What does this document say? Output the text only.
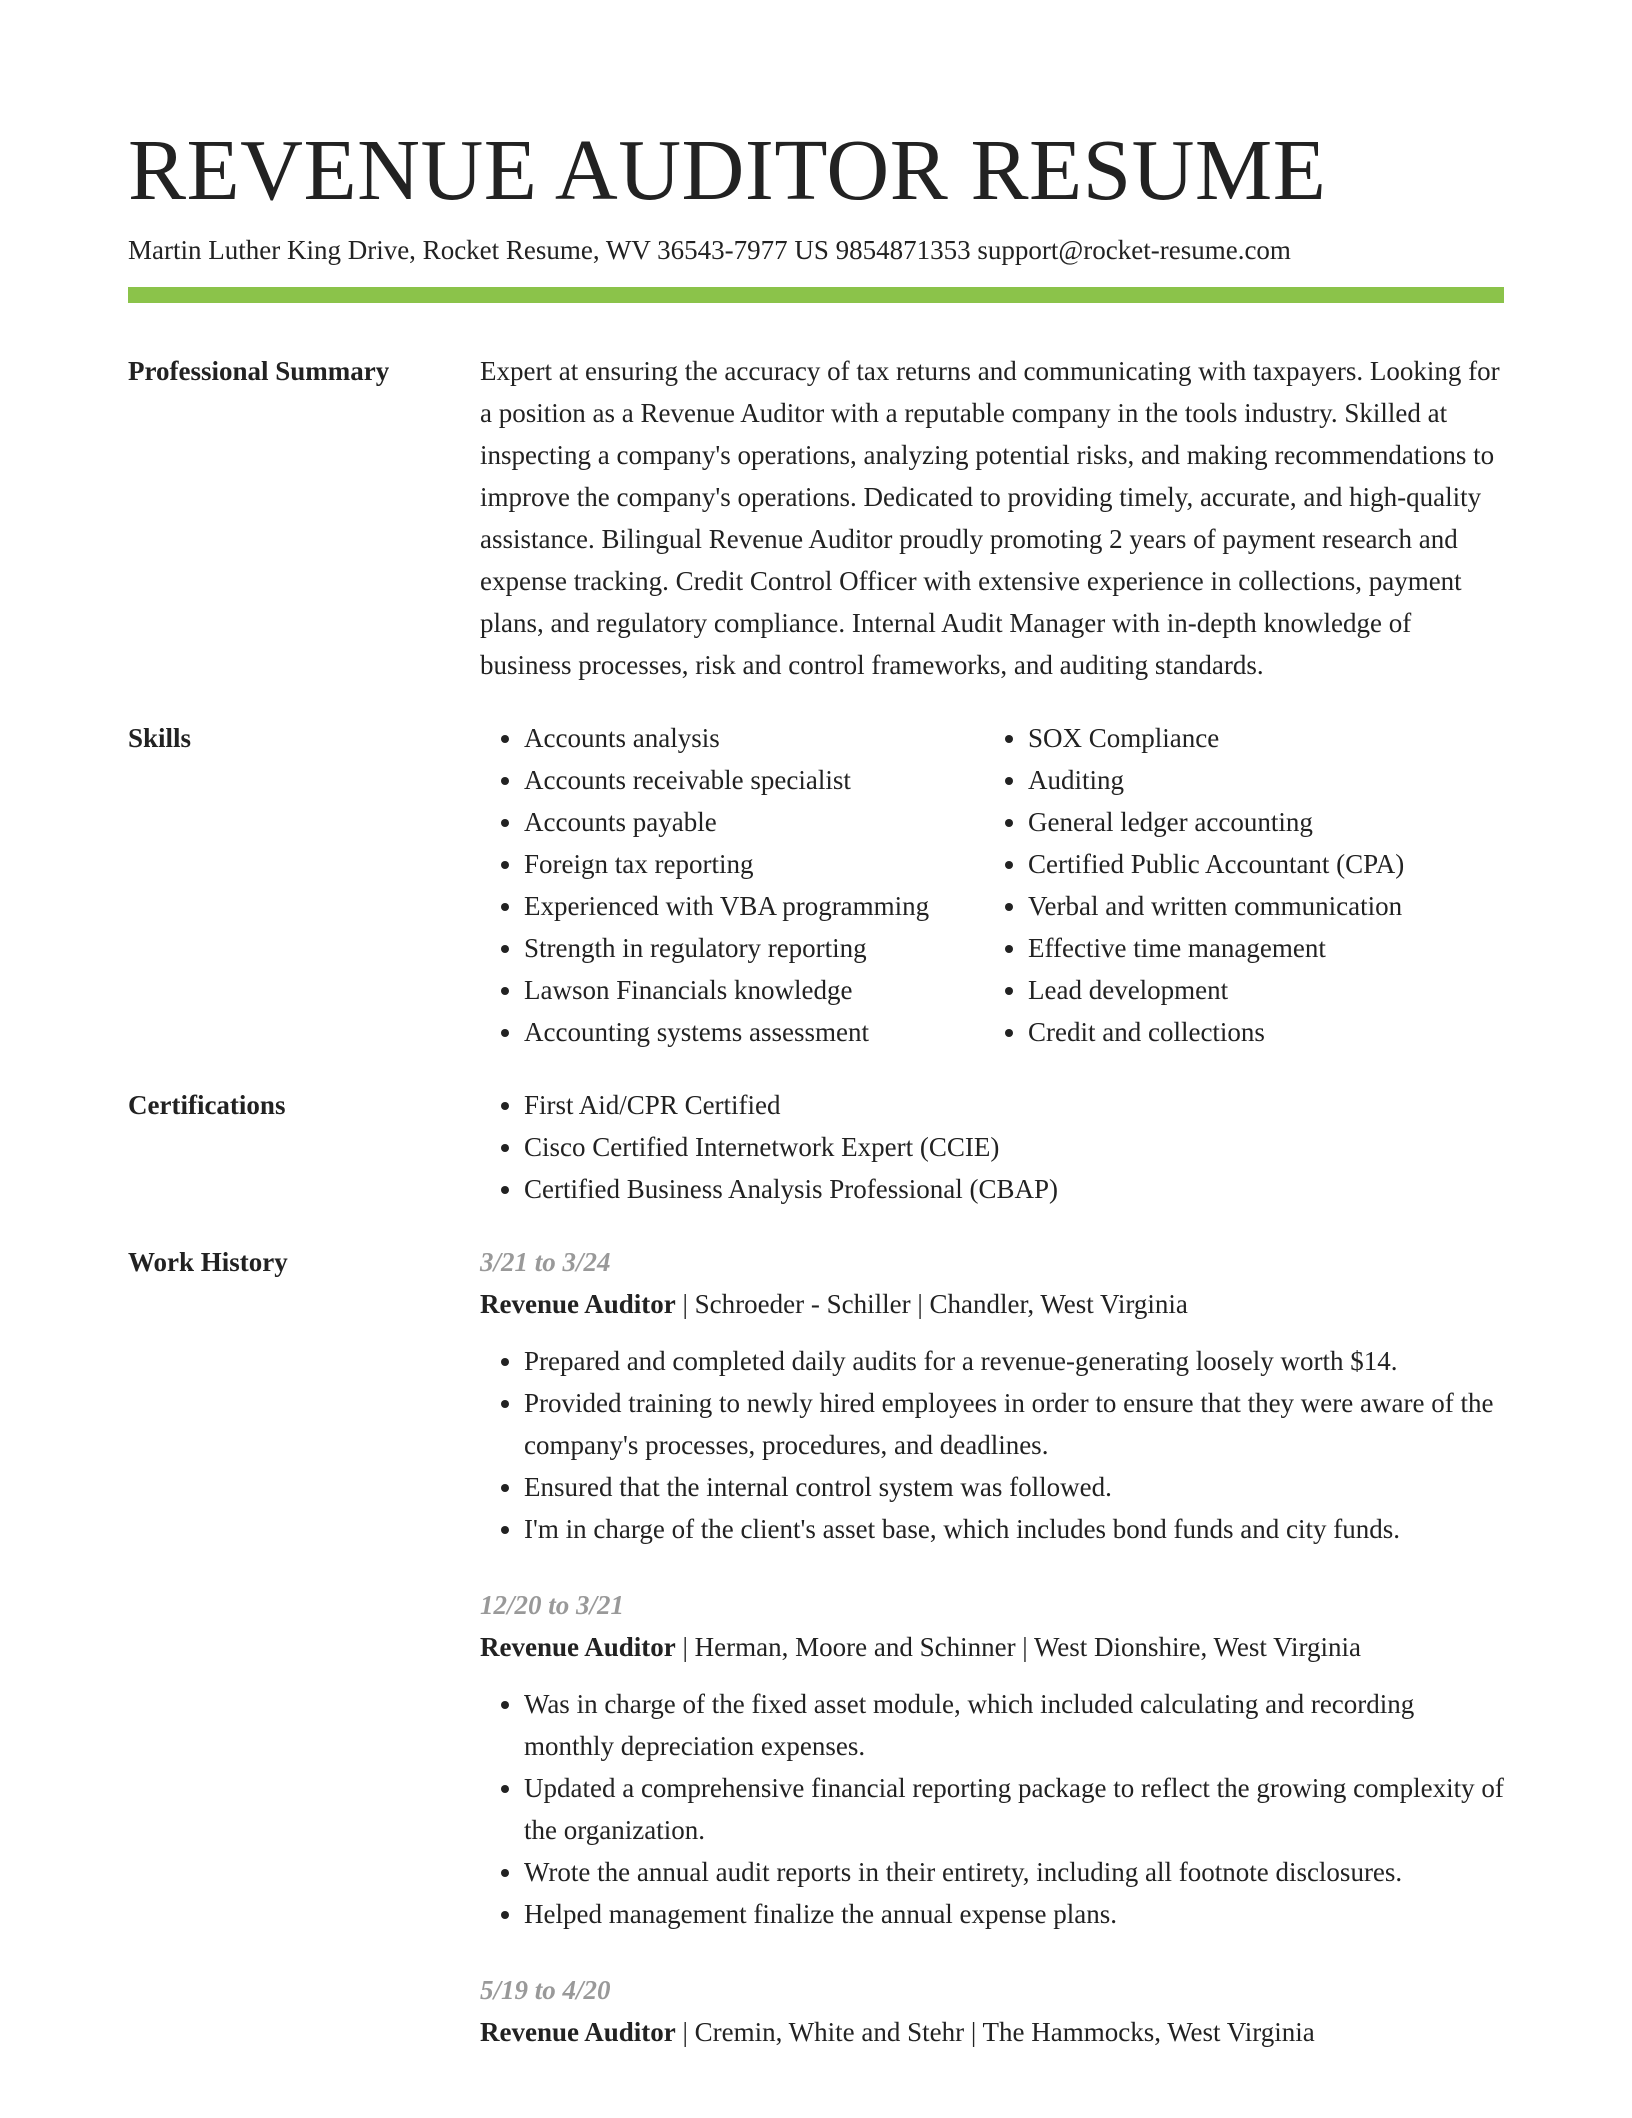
REVENUE AUDITOR RESUME
Martin Luther King Drive, Rocket Resume, WV 36543-7977 US 9854871353 support@rocket-resume.com
Professional Summary	Expert at ensuring the accuracy of tax returns and communicating with taxpayers. Looking for a position as a Revenue Auditor with a reputable company in the tools industry. Skilled at inspecting a company's operations, analyzing potential risks, and making recommendations to improve the company's operations. Dedicated to providing timely, accurate, and high-quality assistance. Bilingual Revenue Auditor proudly promoting 2 years of payment research and expense tracking. Credit Control Officer with extensive experience in collections, payment plans, and regulatory compliance. Internal Audit Manager with in-depth knowledge of business processes, risk and control frameworks, and auditing standards.

Skills	• Accounts analysis
• Accounts receivable specialist
• Accounts payable
• Foreign tax reporting
• Experienced with VBA programming
• Strength in regulatory reporting
• Lawson Financials knowledge
• Accounting systems assessment
• SOX Compliance
• Auditing
• General ledger accounting
• Certified Public Accountant (CPA)
• Verbal and written communication
• Effective time management
• Lead development
• Credit and collections
Certifications	• First Aid/CPR Certified
• Cisco Certified Internetwork Expert (CCIE)
• Certified Business Analysis Professional (CBAP)
Work History	3/21 to 3/24
Revenue Auditor | Schroeder - Schiller | Chandler, West Virginia
• Prepared and completed daily audits for a revenue-generating loosely worth $14.
• Provided training to newly hired employees in order to ensure that they were aware of the company's processes, procedures, and deadlines.
• Ensured that the internal control system was followed.
• I'm in charge of the client's asset base, which includes bond funds and city funds.
12/20 to 3/21
Revenue Auditor | Herman, Moore and Schinner | West Dionshire, West Virginia
• Was in charge of the fixed asset module, which included calculating and recording monthly depreciation expenses.
• Updated a comprehensive financial reporting package to reflect the growing complexity of the organization.
• Wrote the annual audit reports in their entirety, including all footnote disclosures.
• Helped management finalize the annual expense plans.
5/19 to 4/20
Revenue Auditor | Cremin, White and Stehr | The Hammocks, West Virginia
